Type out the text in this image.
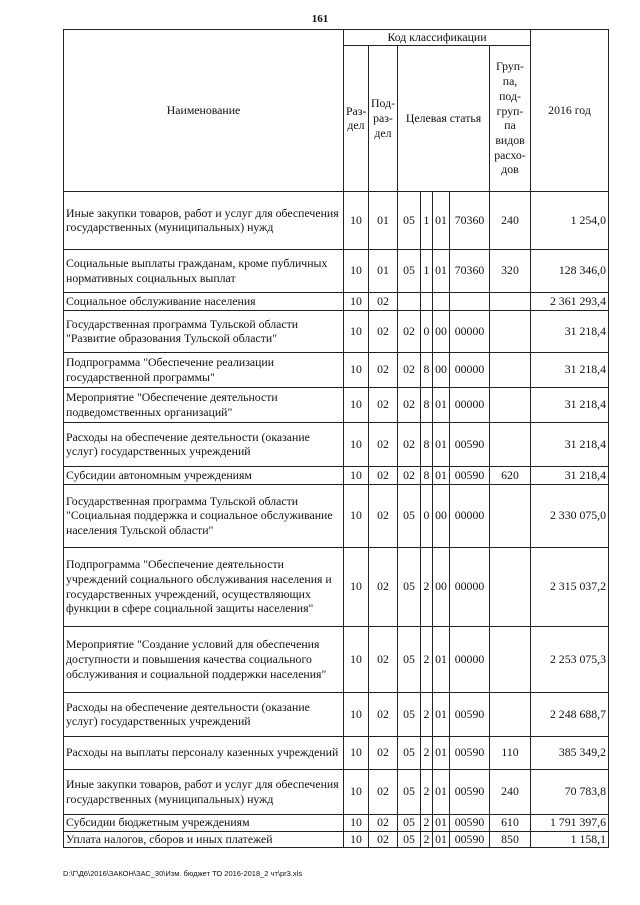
161
Наименование	Код классификации							2016 год
	Раз-дел	Под-раз-дел	Целевая статья				Груп-па, под-груп-па видов расхо-дов	
Иные закупки товаров, работ и услуг для обеспечения государственных (муниципальных) нужд	10	01	05	1	01	70360	240	1 254,0
Социальные выплаты гражданам, кроме публичных нормативных социальных выплат	10	01	05	1	01	70360	320	128 346,0
Социальное обслуживание населения	10	02						2 361 293,4
Государственная программа Тульской области "Развитие образования Тульской области"	10	02	02	0	00	00000		31 218,4
Подпрограмма "Обеспечение реализации государственной программы"	10	02	02	8	00	00000		31 218,4
Мероприятие "Обеспечение деятельности подведомственных организаций"	10	02	02	8	01	00000		31 218,4
Расходы на обеспечение деятельности (оказание услуг) государственных учреждений	10	02	02	8	01	00590		31 218,4
Субсидии автономным учреждениям	10	02	02	8	01	00590	620	31 218,4
Государственная программа Тульской области "Социальная поддержка и социальное обслуживание населения Тульской области"	10	02	05	0	00	00000		2 330 075,0
Подпрограмма "Обеспечение деятельности учреждений социального обслуживания населения и государственных учреждений, осуществляющих функции в сфере социальной защиты населения"	10	02	05	2	00	00000		2 315 037,2
Мероприятие "Создание условий для обеспечения доступности и повышения качества социального обслуживания и социальной поддержки населения"	10	02	05	2	01	00000		2 253 075,3
Расходы на обеспечение деятельности (оказание услуг) государственных учреждений	10	02	05	2	01	00590		2 248 688,7
Расходы на выплаты персоналу казенных учреждений	10	02	05	2	01	00590	110	385 349,2
Иные закупки товаров, работ и услуг для обеспечения государственных (муниципальных) нужд	10	02	05	2	01	00590	240	70 783,8
Субсидии бюджетным учреждениям	10	02	05	2	01	00590	610	1 791 397,6
Уплата налогов, сборов и иных платежей	10	02	05	2	01	00590	850	1 158,1
D:\Г\Д6\2016\ЗАКОН\ЗАС_30\Изм. бюджет ТО 2016-2018_2 чт\pr3.xls
